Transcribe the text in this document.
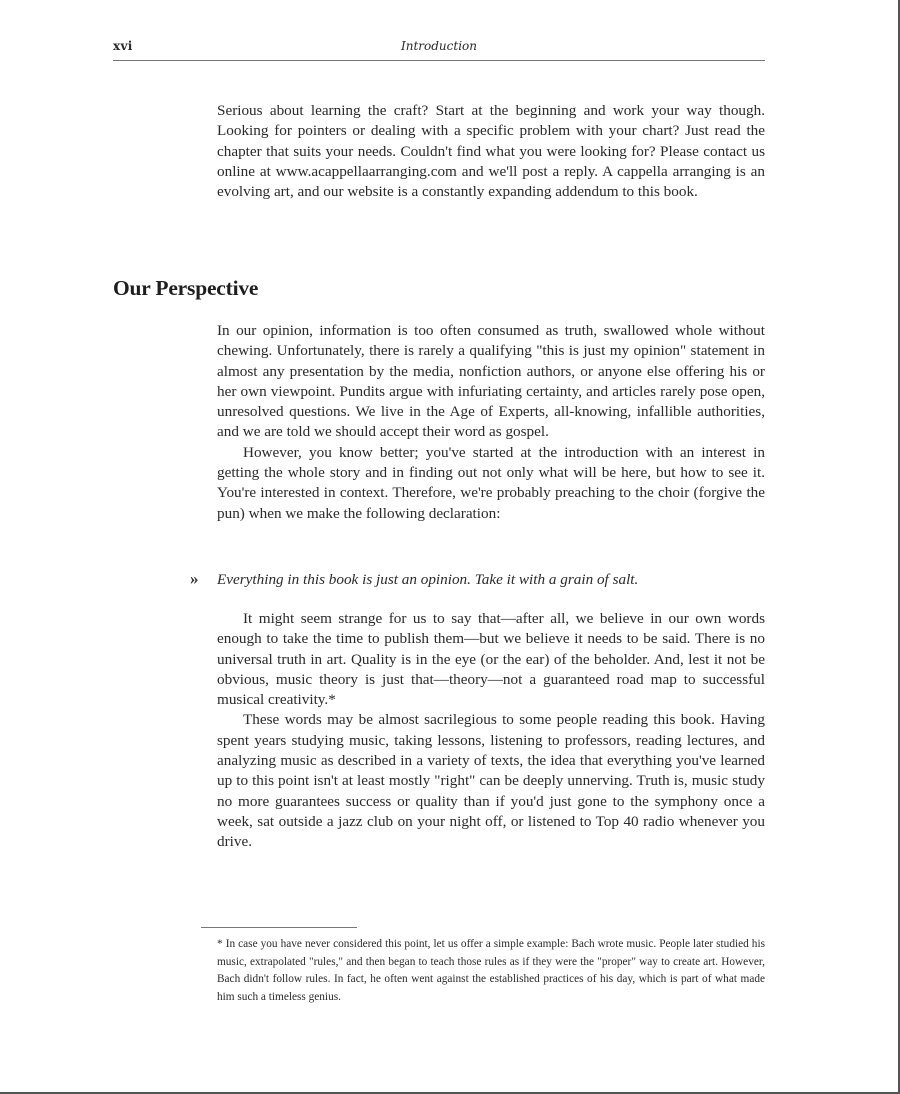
xvi	Introduction

Serious about learning the craft? Start at the beginning and work your way though. Looking for pointers or dealing with a specific problem with your chart? Just read the chapter that suits your needs. Couldn't find what you were looking for? Please contact us online at www.acappellaarranging.com and we'll post a reply. A cappella arranging is an evolving art, and our website is a constantly expanding addendum to this book.

Our Perspective

In our opinion, information is too often consumed as truth, swallowed whole without chewing. Unfortunately, there is rarely a qualifying "this is just my opinion" statement in almost any presentation by the media, nonfiction authors, or anyone else offering his or her own viewpoint. Pundits argue with infuriating certainty, and articles rarely pose open, unresolved questions. We live in the Age of Experts, all-knowing, infallible authorities, and we are told we should accept their word as gospel.

However, you know better; you've started at the introduction with an interest in getting the whole story and in finding out not only what will be here, but how to see it. You're interested in context. Therefore, we're probably preaching to the choir (forgive the pun) when we make the following declaration:

» Everything in this book is just an opinion. Take it with a grain of salt.

It might seem strange for us to say that—after all, we believe in our own words enough to take the time to publish them—but we believe it needs to be said. There is no universal truth in art. Quality is in the eye (or the ear) of the beholder. And, lest it not be obvious, music theory is just that—theory—not a guaranteed road map to successful musical creativity.*

These words may be almost sacrilegious to some people reading this book. Having spent years studying music, taking lessons, listening to professors, reading lectures, and analyzing music as described in a variety of texts, the idea that everything you've learned up to this point isn't at least mostly "right" can be deeply unnerving. Truth is, music study no more guarantees success or quality than if you'd just gone to the symphony once a week, sat outside a jazz club on your night off, or listened to Top 40 radio whenever you drive.

* In case you have never considered this point, let us offer a simple example: Bach wrote music. People later studied his music, extrapolated "rules," and then began to teach those rules as if they were the "proper" way to create art. However, Bach didn't follow rules. In fact, he often went against the established practices of his day, which is part of what made him such a timeless genius.
